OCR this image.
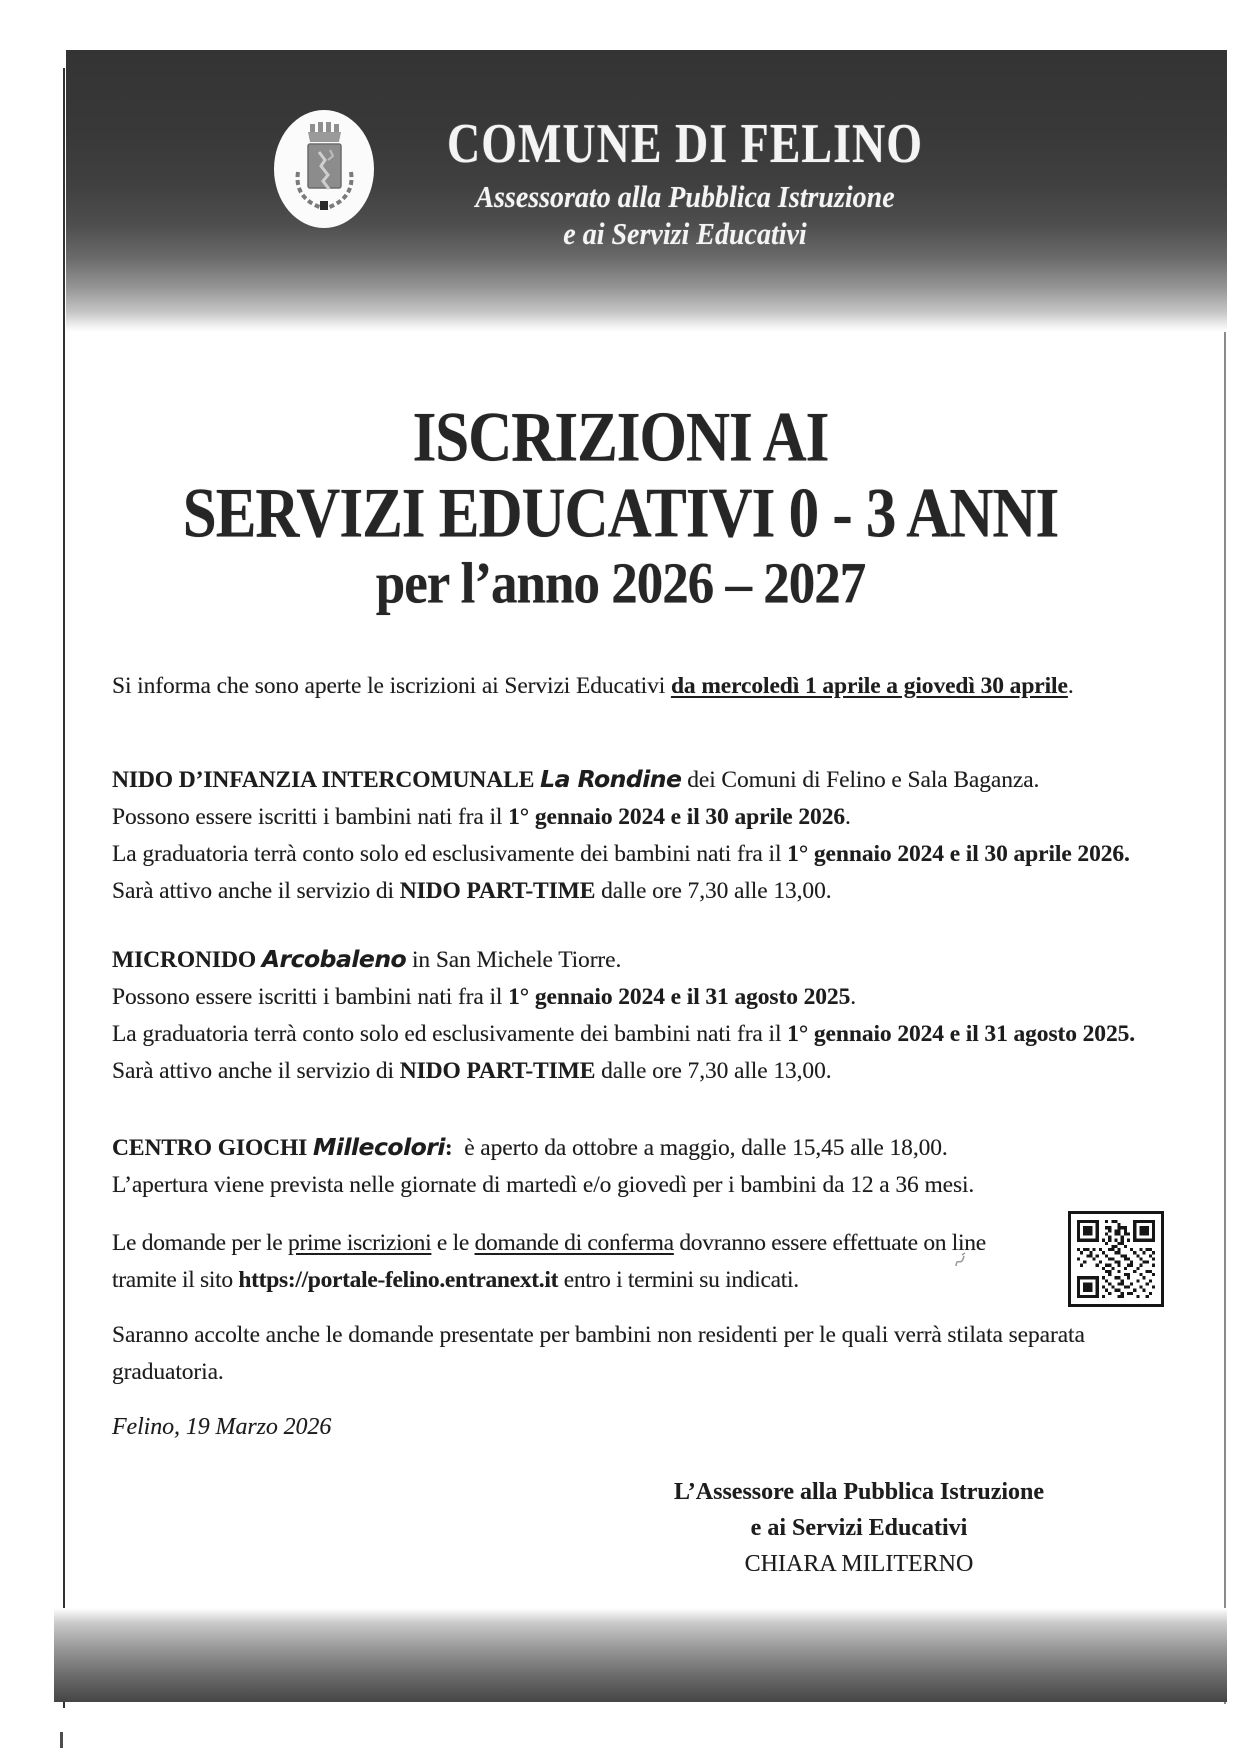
COMUNE DI FELINO
Assessorato alla Pubblica Istruzione
e ai Servizi Educativi
ISCRIZIONI AI
SERVIZI EDUCATIVI 0 - 3 ANNI
per l’anno 2026 – 2027
Si informa che sono aperte le iscrizioni ai Servizi Educativi da mercoledì 1 aprile a giovedì 30 aprile.
NIDO D’INFANZIA INTERCOMUNALE La Rondine dei Comuni di Felino e Sala Baganza.
Possono essere iscritti i bambini nati fra il 1° gennaio 2024 e il 30 aprile 2026.
La graduatoria terrà conto solo ed esclusivamente dei bambini nati fra il 1° gennaio 2024 e il 30 aprile 2026.
Sarà attivo anche il servizio di NIDO PART-TIME dalle ore 7,30 alle 13,00.
MICRONIDO Arcobaleno in San Michele Tiorre.
Possono essere iscritti i bambini nati fra il 1° gennaio 2024 e il 31 agosto 2025.
La graduatoria terrà conto solo ed esclusivamente dei bambini nati fra il 1° gennaio 2024 e il 31 agosto 2025.
Sarà attivo anche il servizio di NIDO PART-TIME dalle ore 7,30 alle 13,00.
CENTRO GIOCHI Millecolori:  è aperto da ottobre a maggio, dalle 15,45 alle 18,00.
L’apertura viene prevista nelle giornate di martedì e/o giovedì per i bambini da 12 a 36 mesi.
Le domande per le prime iscrizioni e le domande di conferma dovranno essere effettuate on line tramite il sito https://portale-felino.entranext.it entro i termini su indicati.
Saranno accolte anche le domande presentate per bambini non residenti per le quali verrà stilata separata graduatoria.
Felino, 19 Marzo 2026
L’Assessore alla Pubblica Istruzione
e ai Servizi Educativi
CHIARA MILITERNO
